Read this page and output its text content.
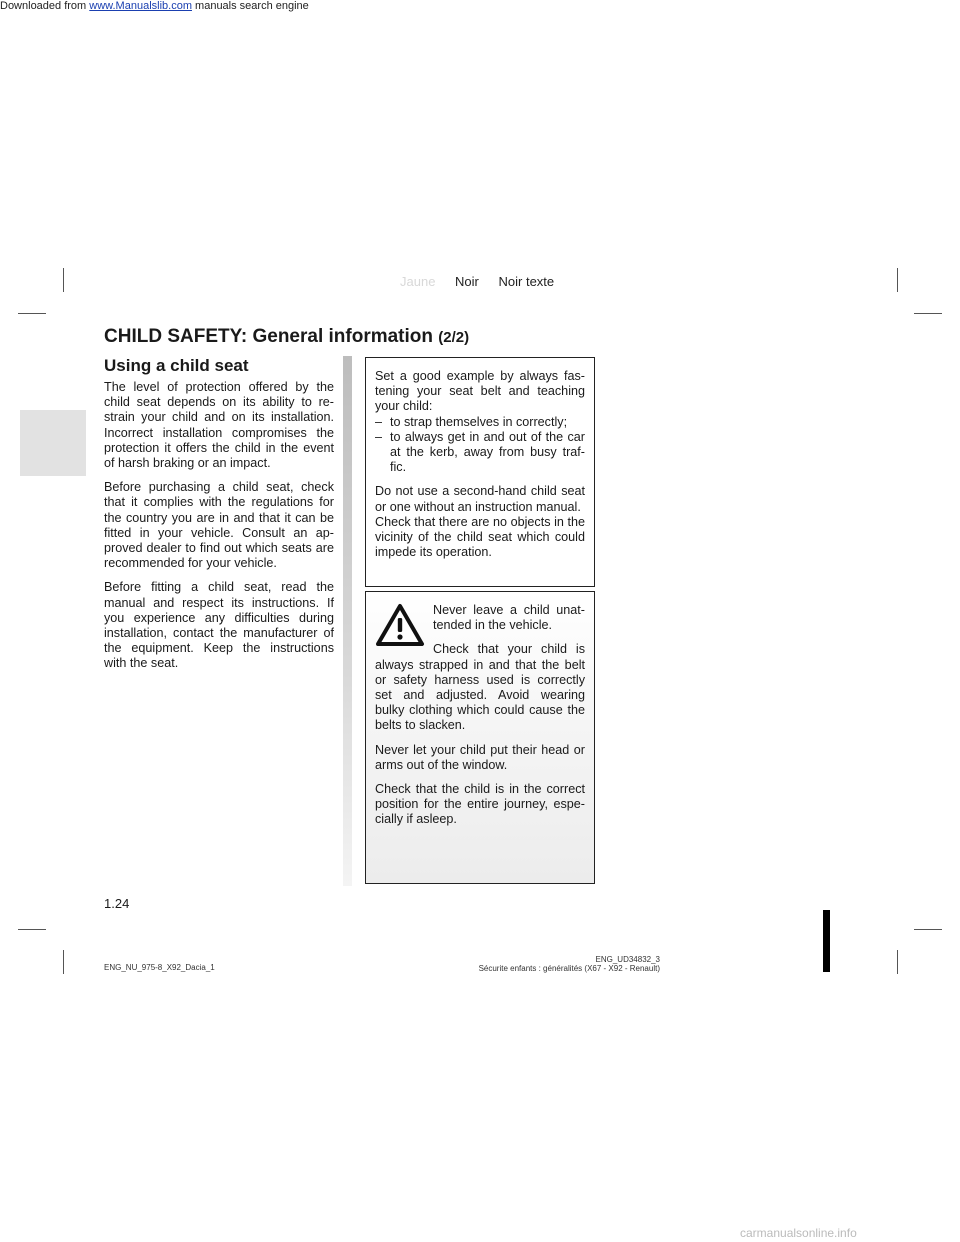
Downloaded from www.Manualslib.com manuals search engine
Jaune Noir Noir texte
CHILD SAFETY: General information (2/2)
Using a child seat

The level of protection offered by the child seat depends on its ability to re-strain your child and on its installation. Incorrect installation compromises the protection it offers the child in the event of harsh braking or an impact.

Before purchasing a child seat, check that it complies with the regulations for the country you are in and that it can be fitted in your vehicle. Consult an ap-proved dealer to find out which seats are recommended for your vehicle.

Before fitting a child seat, read the manual and respect its instructions. If you experience any difficulties during installation, contact the manufacturer of the equipment. Keep the instructions with the seat.

Set a good example by always fas-tening your seat belt and teaching your child:

– to strap themselves in correctly;
– to always get in and out of the car at the kerb, away from busy traf-fic.

Do not use a second-hand child seat or one without an instruction manual.

Check that there are no objects in the vicinity of the child seat which could impede its operation.

Never leave a child unat-tended in the vehicle.

Check that your child is always strapped in and that the belt or safety harness used is correctly set and adjusted. Avoid wearing bulky clothing which could cause the belts to slacken.

Never let your child put their head or arms out of the window.

Check that the child is in the correct position for the entire journey, espe-cially if asleep.

1.24
ENG_NU_975-8_X92_Dacia_1
ENG_UD34832_3
Sécurite enfants : généralités (X67 - X92 - Renault)
carmanualsonline.info
